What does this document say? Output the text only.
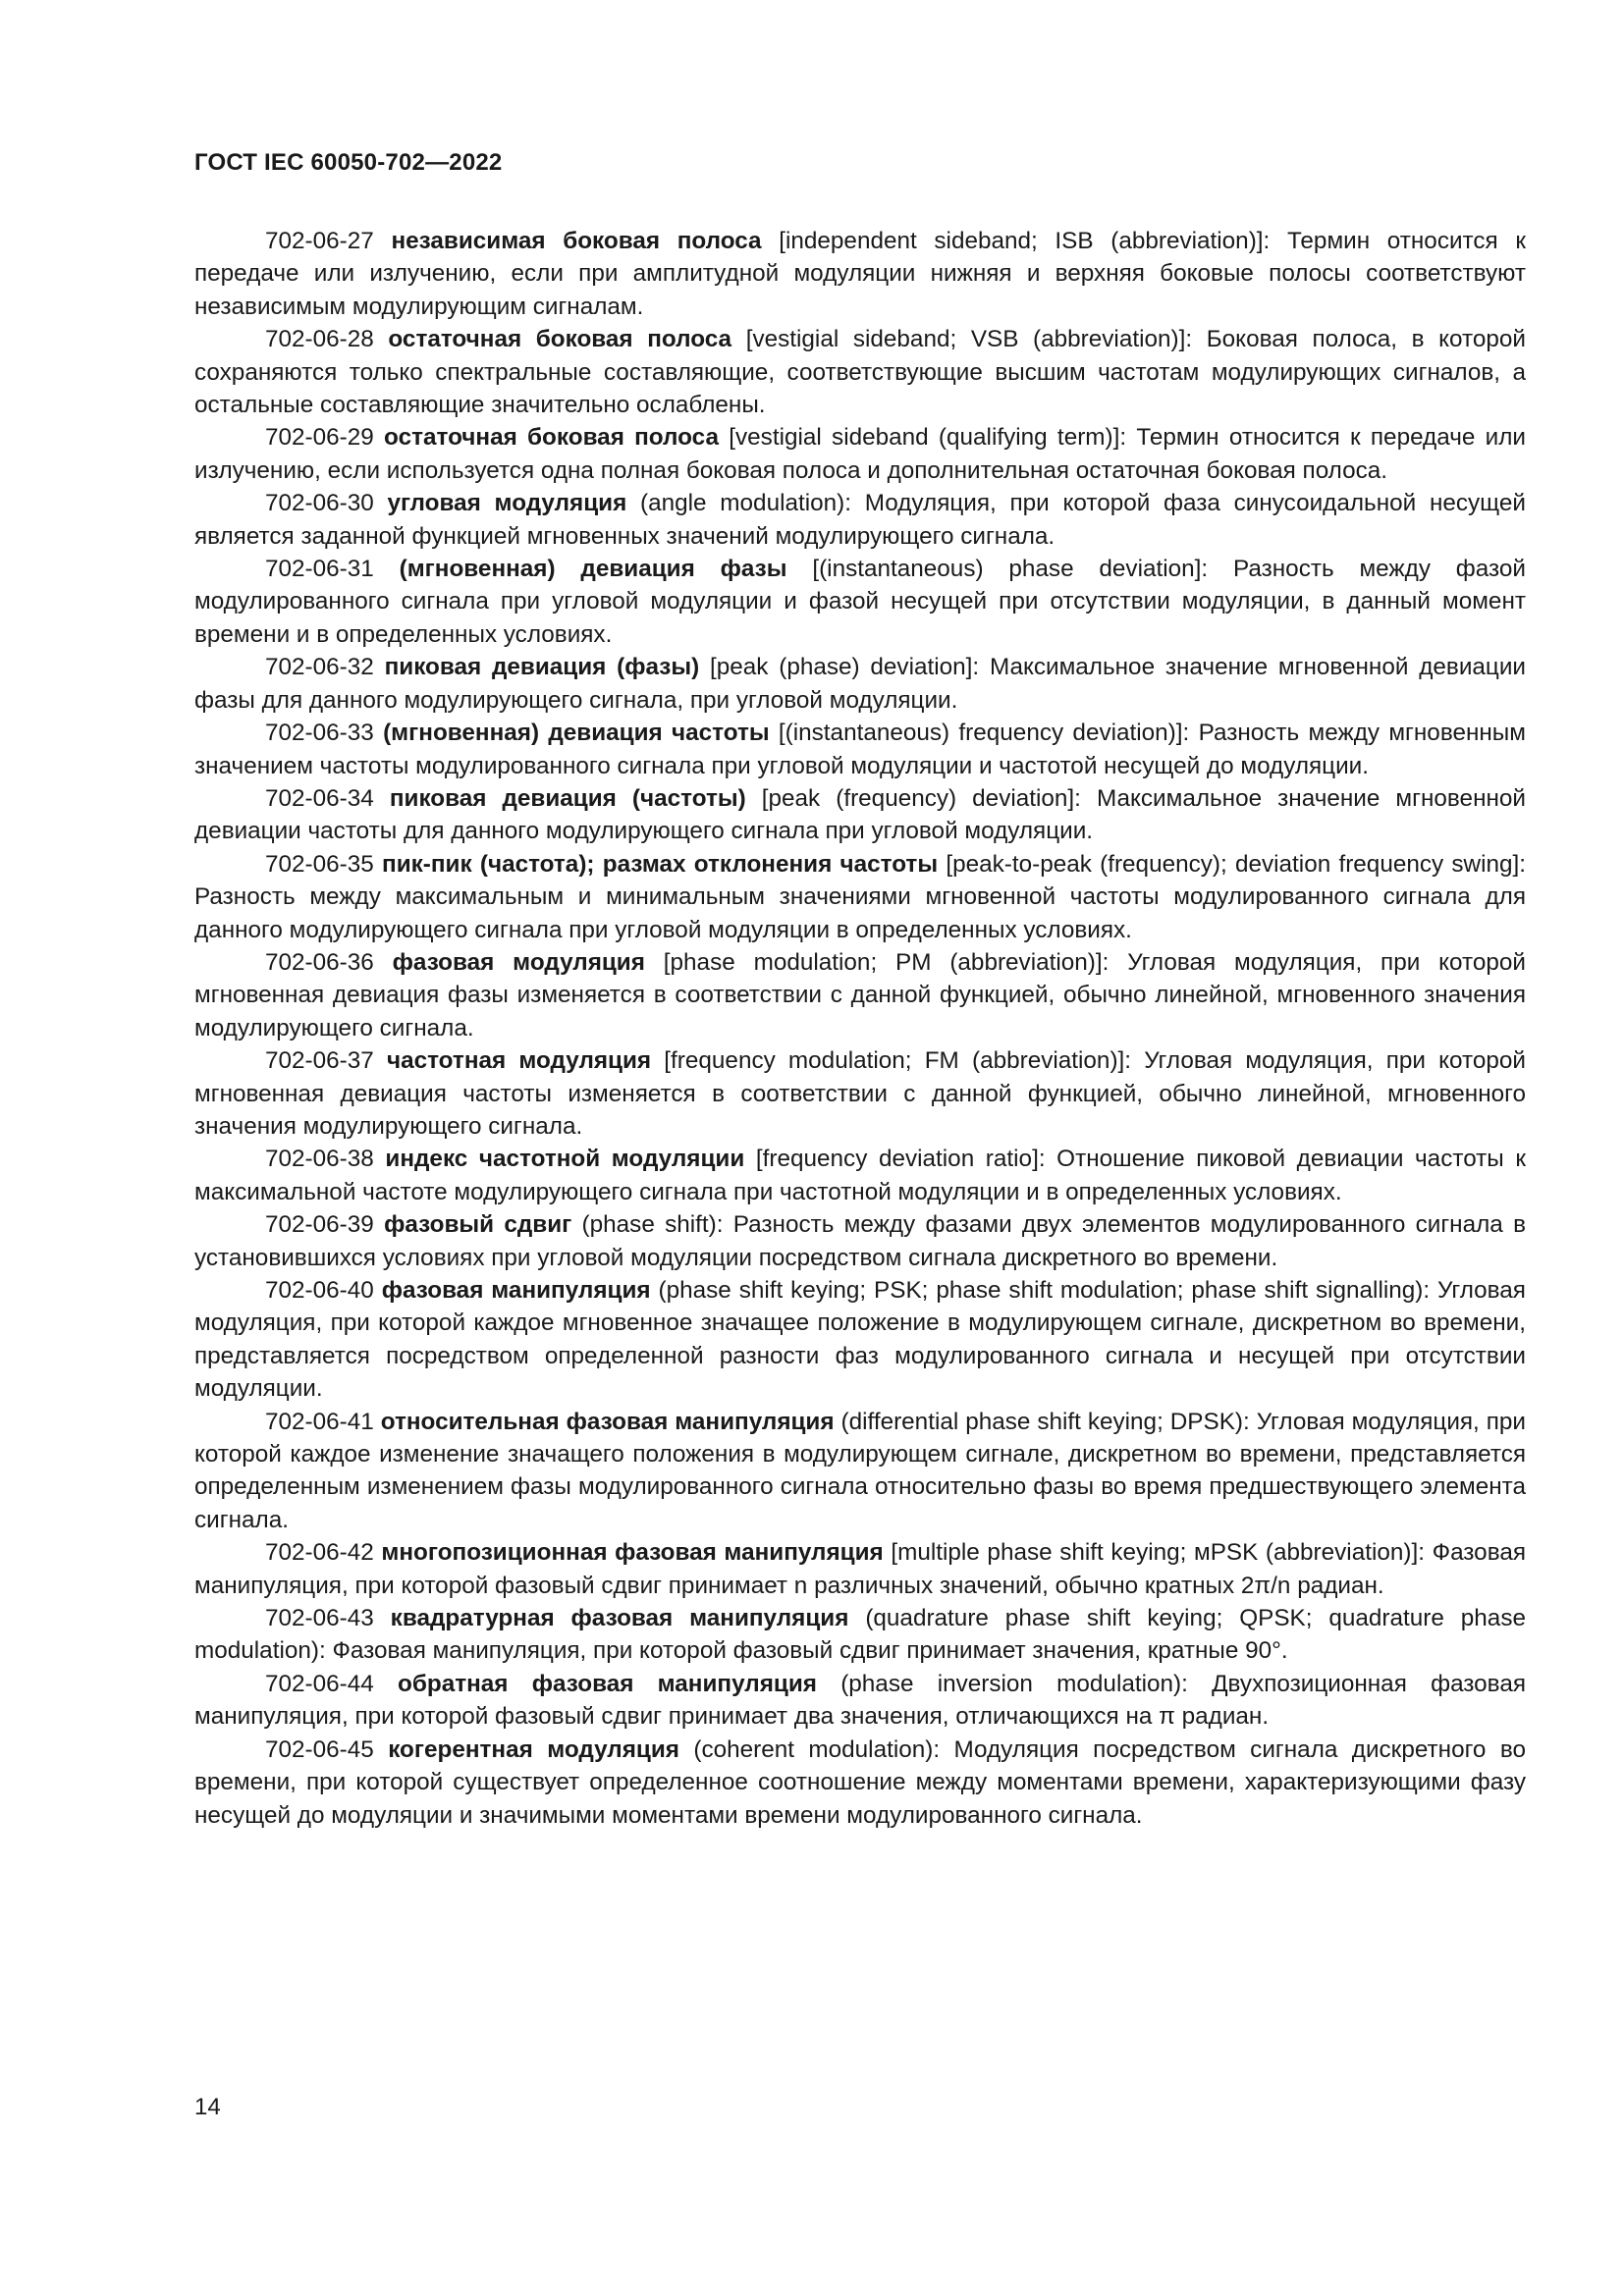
ГОСТ IEC 60050-702—2022

702-06-27 независимая боковая полоса [independent sideband; ISB (abbreviation)]: Термин относится к передаче или излучению, если при амплитудной модуляции нижняя и верхняя боковые полосы соответствуют независимым модулирующим сигналам.

702-06-28 остаточная боковая полоса [vestigial sideband; VSB (abbreviation)]: Боковая полоса, в которой сохраняются только спектральные составляющие, соответствующие высшим частотам модулирующих сигналов, а остальные составляющие значительно ослаблены.

702-06-29 остаточная боковая полоса [vestigial sideband (qualifying term)]: Термин относится к передаче или излучению, если используется одна полная боковая полоса и дополнительная остаточная боковая полоса.

702-06-30 угловая модуляция (angle modulation): Модуляция, при которой фаза синусоидальной несущей является заданной функцией мгновенных значений модулирующего сигнала.

702-06-31 (мгновенная) девиация фазы [(instantaneous) phase deviation]: Разность между фазой модулированного сигнала при угловой модуляции и фазой несущей при отсутствии модуляции, в данный момент времени и в определенных условиях.

702-06-32 пиковая девиация (фазы) [peak (phase) deviation]: Максимальное значение мгновенной девиации фазы для данного модулирующего сигнала, при угловой модуляции.

702-06-33 (мгновенная) девиация частоты [(instantaneous) frequency deviation)]: Разность между мгновенным значением частоты модулированного сигнала при угловой модуляции и частотой несущей до модуляции.

702-06-34 пиковая девиация (частоты) [peak (frequency) deviation]: Максимальное значение мгновенной девиации частоты для данного модулирующего сигнала при угловой модуляции.

702-06-35 пик-пик (частота); размах отклонения частоты [peak-to-peak (frequency); deviation frequency swing]: Разность между максимальным и минимальным значениями мгновенной частоты модулированного сигнала для данного модулирующего сигнала при угловой модуляции в определенных условиях.

702-06-36 фазовая модуляция [phase modulation; PM (abbreviation)]: Угловая модуляция, при которой мгновенная девиация фазы изменяется в соответствии с данной функцией, обычно линейной, мгновенного значения модулирующего сигнала.

702-06-37 частотная модуляция [frequency modulation; FM (abbreviation)]: Угловая модуляция, при которой мгновенная девиация частоты изменяется в соответствии с данной функцией, обычно линейной, мгновенного значения модулирующего сигнала.

702-06-38 индекс частотной модуляции [frequency deviation ratio]: Отношение пиковой девиации частоты к максимальной частоте модулирующего сигнала при частотной модуляции и в определенных условиях.

702-06-39 фазовый сдвиг (phase shift): Разность между фазами двух элементов модулированного сигнала в установившихся условиях при угловой модуляции посредством сигнала дискретного во времени.

702-06-40 фазовая манипуляция (phase shift keying; PSK; phase shift modulation; phase shift signalling): Угловая модуляция, при которой каждое мгновенное значащее положение в модулирующем сигнале, дискретном во времени, представляется посредством определенной разности фаз модулированного сигнала и несущей при отсутствии модуляции.

702-06-41 относительная фазовая манипуляция (differential phase shift keying; DPSK): Угловая модуляция, при которой каждое изменение значащего положения в модулирующем сигнале, дискретном во времени, представляется определенным изменением фазы модулированного сигнала относительно фазы во время предшествующего элемента сигнала.

702-06-42 многопозиционная фазовая манипуляция [multiple phase shift keying; мPSK (abbreviation)]: Фазовая манипуляция, при которой фазовый сдвиг принимает n различных значений, обычно кратных 2π/n радиан.

702-06-43 квадратурная фазовая манипуляция (quadrature phase shift keying; QPSK; quadrature phase modulation): Фазовая манипуляция, при которой фазовый сдвиг принимает значения, кратные 90°.

702-06-44 обратная фазовая манипуляция (phase inversion modulation): Двухпозиционная фазовая манипуляция, при которой фазовый сдвиг принимает два значения, отличающихся на π радиан.

702-06-45 когерентная модуляция (coherent modulation): Модуляция посредством сигнала дискретного во времени, при которой существует определенное соотношение между моментами времени, характеризующими фазу несущей до модуляции и значимыми моментами времени модулированного сигнала.

14
